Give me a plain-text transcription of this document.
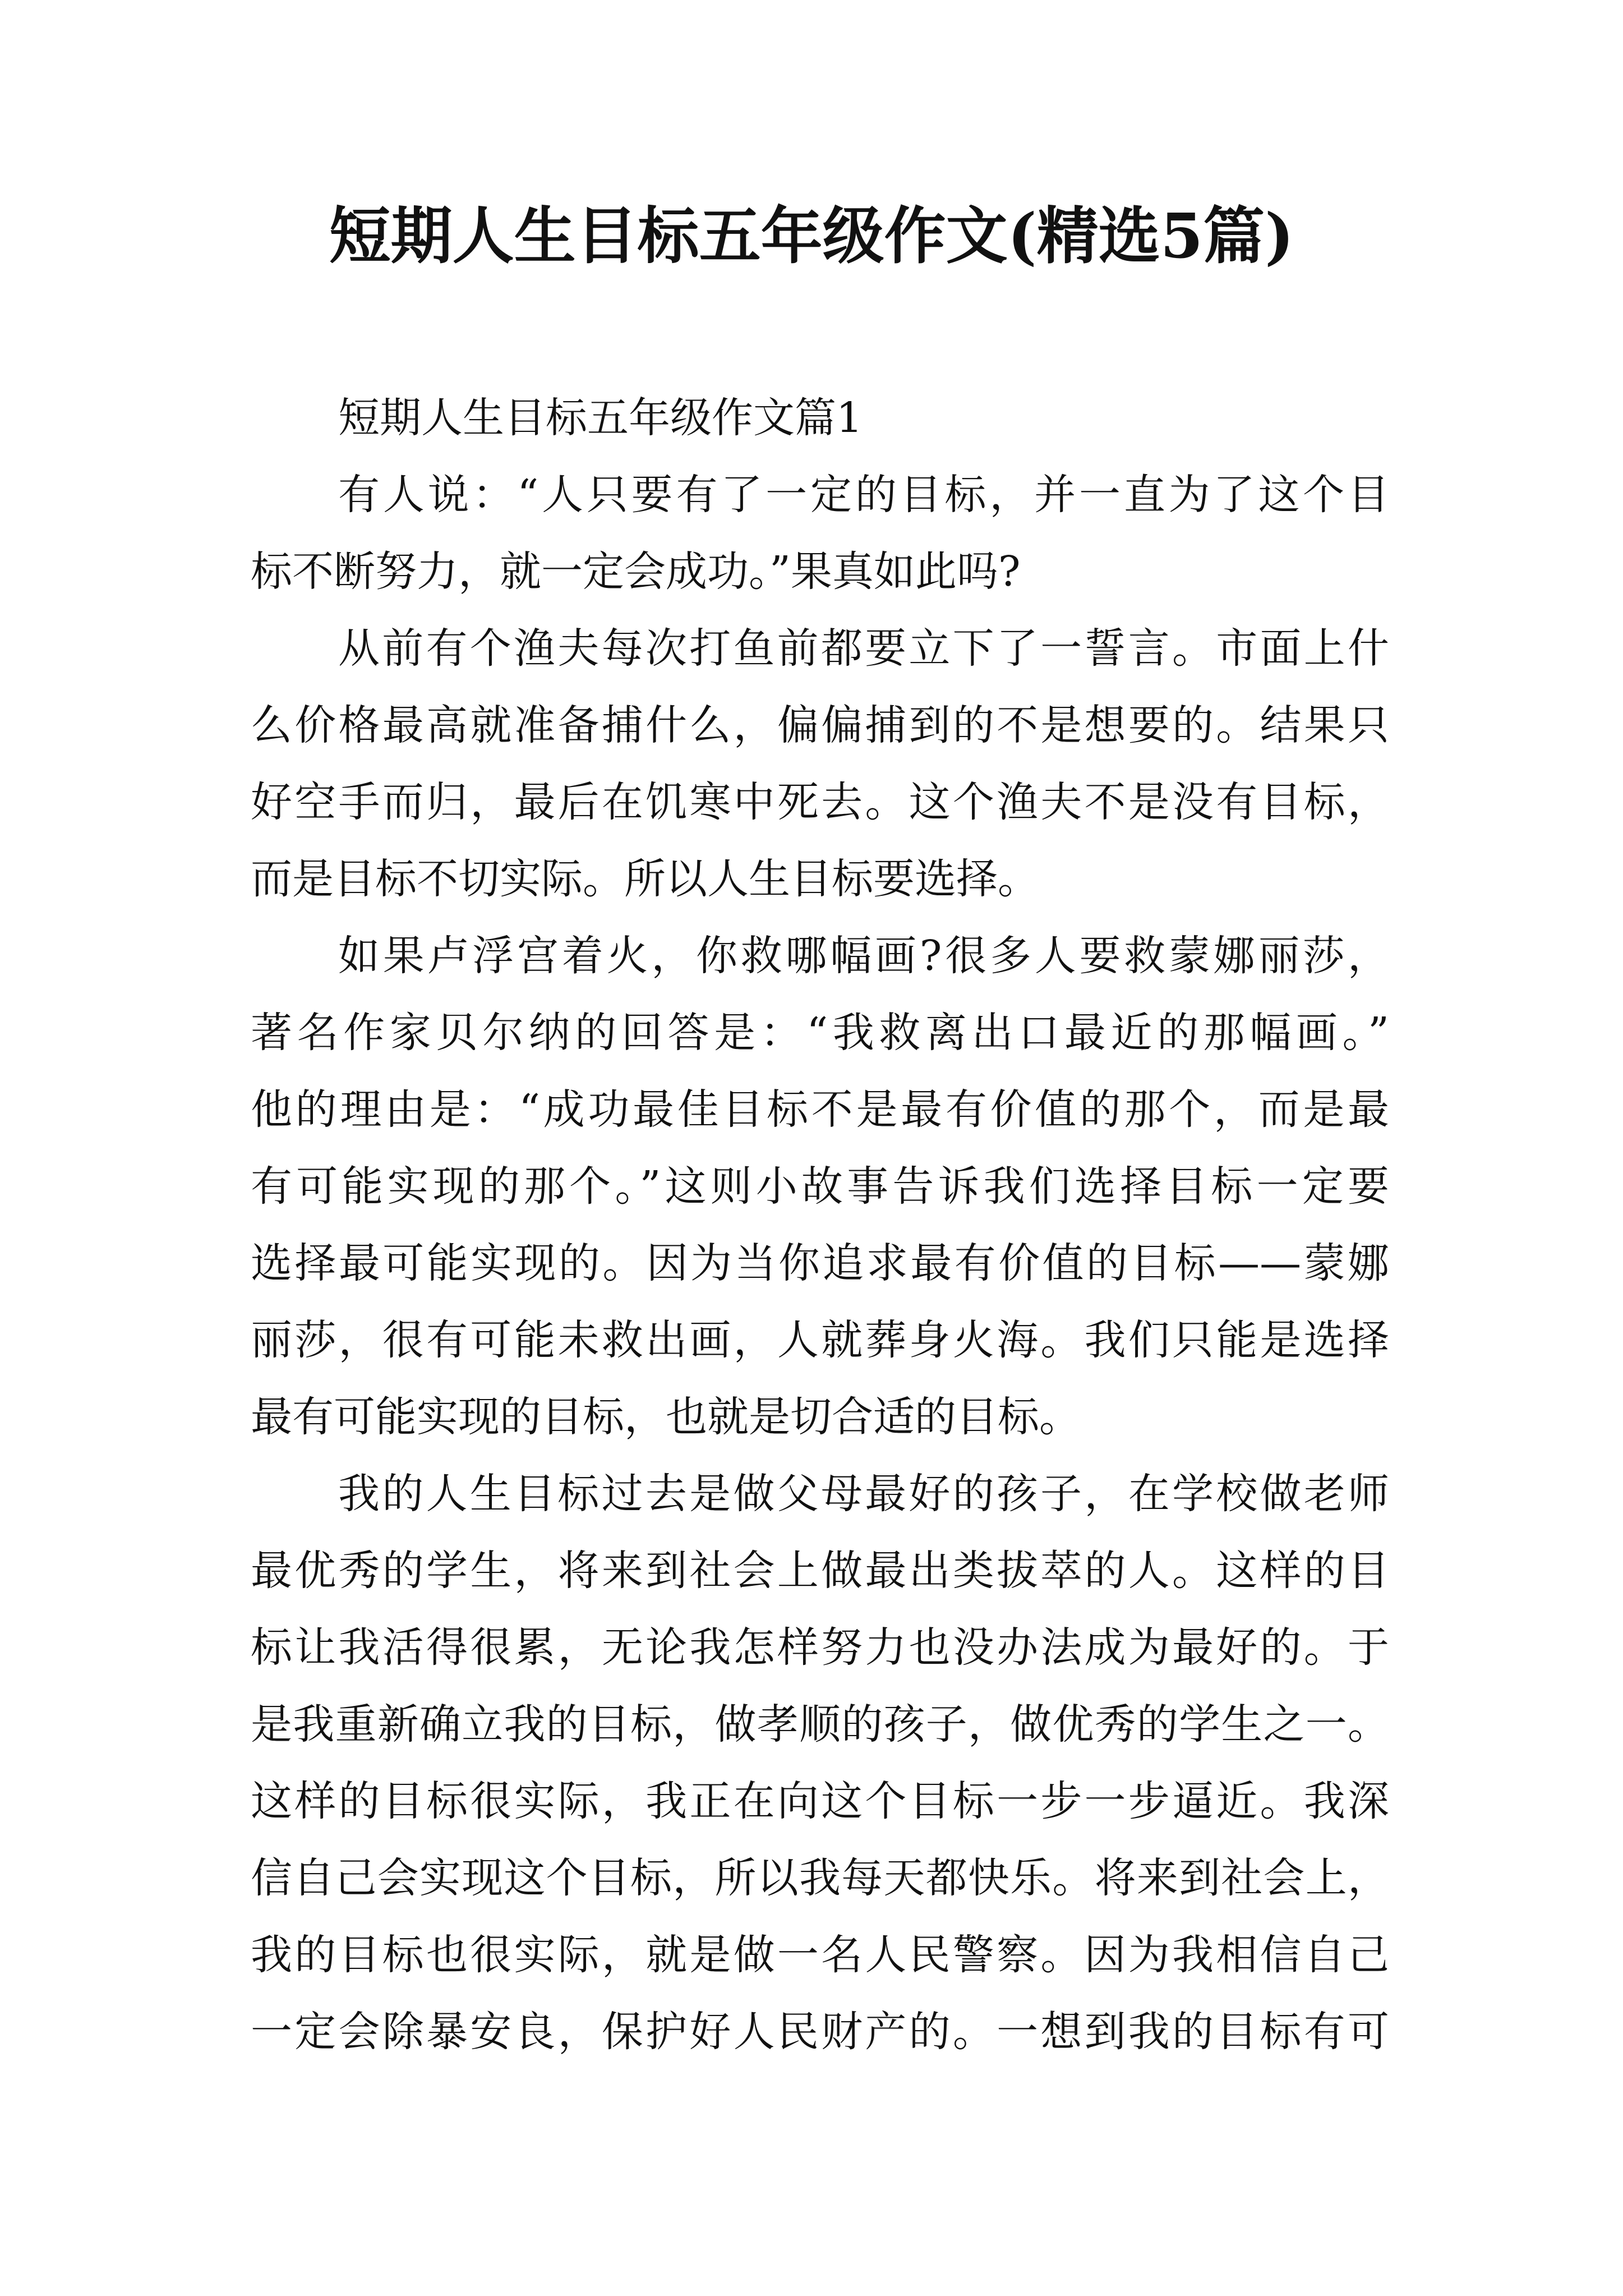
短期人生目标五年级作文(精选5篇)
短期人生目标五年级作文篇1
有人说：“人只要有了一定的目标，并一直为了这个目
标不断努力，就一定会成功。”果真如此吗?
从前有个渔夫每次打鱼前都要立下了一誓言。市面上什
么价格最高就准备捕什么，偏偏捕到的不是想要的。结果只
好空手而归，最后在饥寒中死去。这个渔夫不是没有目标，
而是目标不切实际。所以人生目标要选择。
如果卢浮宫着火，你救哪幅画?很多人要救蒙娜丽莎，
著名作家贝尔纳的回答是：“我救离出口最近的那幅画。”
他的理由是：“成功最佳目标不是最有价值的那个，而是最
有可能实现的那个。”这则小故事告诉我们选择目标一定要
选择最可能实现的。因为当你追求最有价值的目标——蒙娜
丽莎，很有可能未救出画，人就葬身火海。我们只能是选择
最有可能实现的目标，也就是切合适的目标。
我的人生目标过去是做父母最好的孩子，在学校做老师
最优秀的学生，将来到社会上做最出类拔萃的人。这样的目
标让我活得很累，无论我怎样努力也没办法成为最好的。于
是我重新确立我的目标，做孝顺的孩子，做优秀的学生之一。
这样的目标很实际，我正在向这个目标一步一步逼近。我深
信自己会实现这个目标，所以我每天都快乐。将来到社会上，
我的目标也很实际，就是做一名人民警察。因为我相信自己
一定会除暴安良，保护好人民财产的。一想到我的目标有可
